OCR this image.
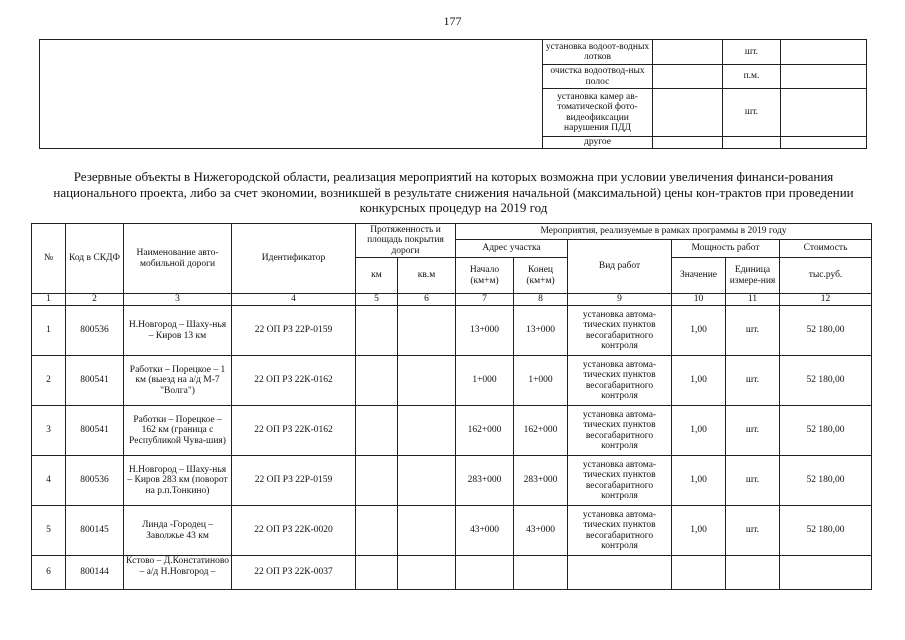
177
	установка водоот-водных лотков		шт.	
	очистка водоотвод-ных полос		п.м.	
	установка камер ав-томатической фото-видеофиксации нарушения ПДД		шт.	
	другое			
Резервные объекты в Нижегородской области, реализация мероприятий на которых возможна при условии увеличения финанси-рования национального проекта, либо за счет экономии, возникшей в результате снижения начальной (максимальной) цены кон-трактов при проведении конкурсных процедур на 2019 год
№	Код в СКДФ	Наименование авто-мобильной дороги	Идентификатор	Протяженность и площадь покрытия дороги		Мероприятия, реализуемые в рамках программы в 2019 году					
						Адрес участка		Вид работ	Мощность работ		Стоимость
				км	кв.м	Начало (км+м)	Конец (км+м)		Значение	Единица измере-ния	тыс.руб.
1	2	3	4	5	6	7	8	9	10	11	12
1	800536	Н.Новгород – Шаху-нья – Киров 13 км	22 ОП РЗ 22Р-0159			13+000	13+000	установка автома-тических пунктов весогабаритного контроля	1,00	шт.	52 180,00
2	800541	Работки – Порецкое – 1 км (выезд на а/д М-7 "Волга")	22 ОП РЗ 22К-0162			1+000	1+000	установка автома-тических пунктов весогабаритного контроля	1,00	шт.	52 180,00
3	800541	Работки – Порецкое – 162 км (граница с Республикой Чува-шия)	22 ОП РЗ 22К-0162			162+000	162+000	установка автома-тических пунктов весогабаритного контроля	1,00	шт.	52 180,00
4	800536	Н.Новгород – Шаху-нья – Киров 283 км (поворот на р.п.Тонкино)	22 ОП РЗ 22Р-0159			283+000	283+000	установка автома-тических пунктов весогабаритного контроля	1,00	шт.	52 180,00
5	800145	Линда -Городец – Заволжье 43 км	22 ОП РЗ 22К-0020			43+000	43+000	установка автома-тических пунктов весогабаритного контроля	1,00	шт.	52 180,00
6	800144	Кстово – Д.Констатиново – а/д Н.Новгород –	22 ОП РЗ 22К-0037								
